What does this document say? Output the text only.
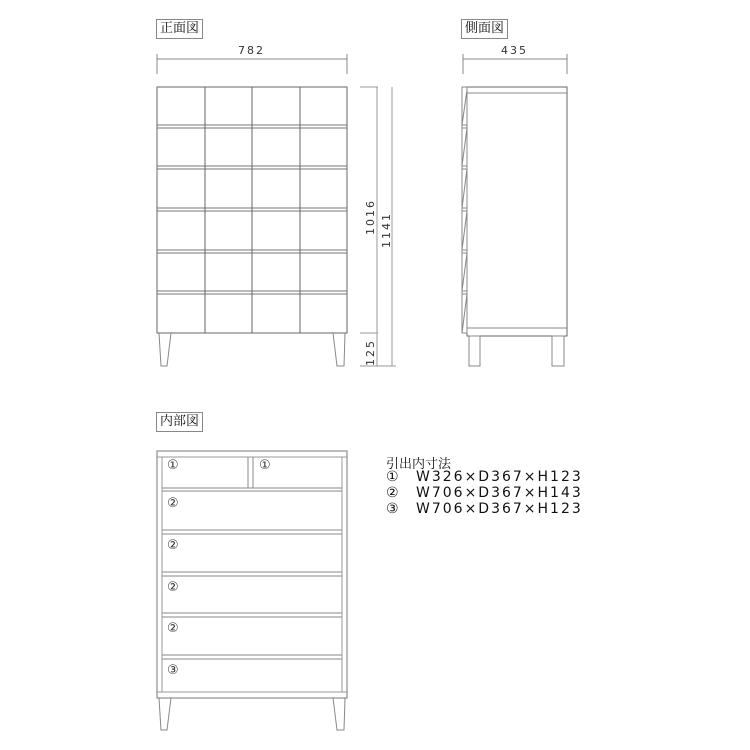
正面図	側面図
内部図
782	435
1016 1141
125
①	①
②
②
②
②
③
引出内寸法
① W326×D367×H123
② W706×D367×H143
③ W706×D367×H123
